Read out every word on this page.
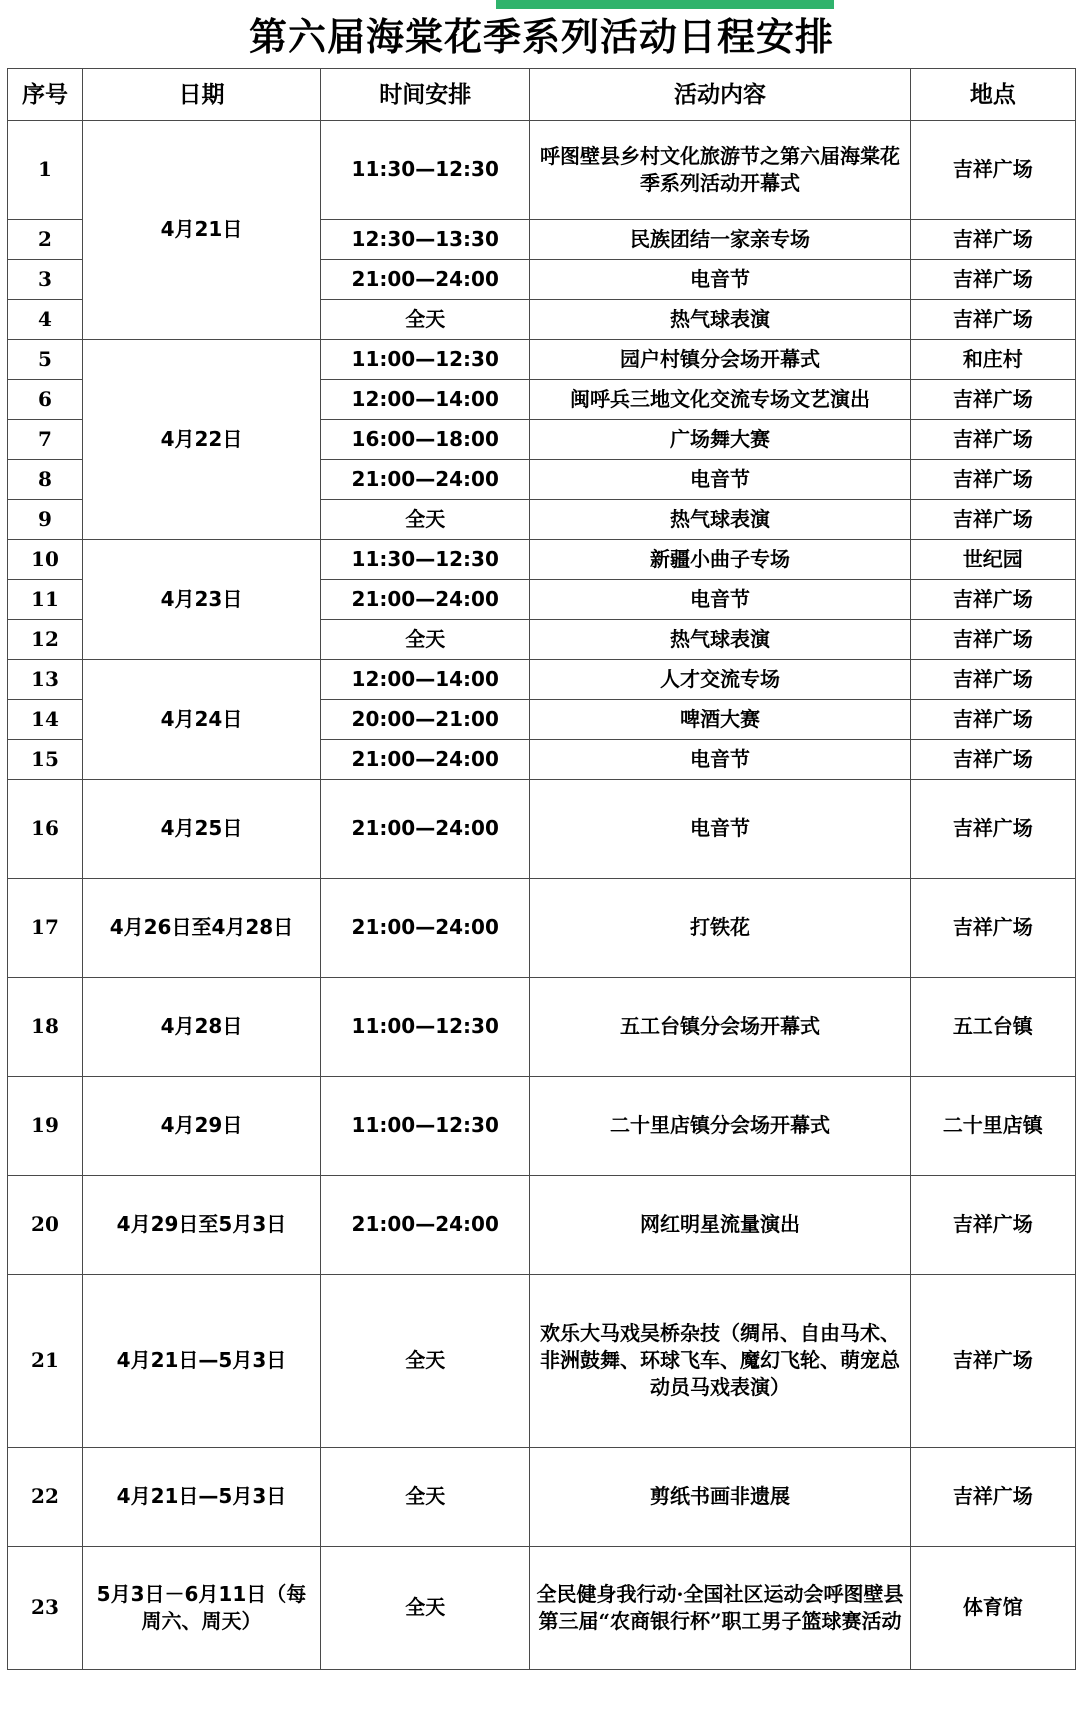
第六届海棠花季系列活动日程安排
序号	日期	时间安排	活动内容	地点
1	4月21日	11:30—12:30	呼图壁县乡村文化旅游节之第六届海棠花季系列活动开幕式	吉祥广场
2		12:30—13:30	民族团结一家亲专场	吉祥广场
3		21:00—24:00	电音节	吉祥广场
4		全天	热气球表演	吉祥广场
5	4月22日	11:00—12:30	园户村镇分会场开幕式	和庄村
6		12:00—14:00	闽呼兵三地文化交流专场文艺演出	吉祥广场
7		16:00—18:00	广场舞大赛	吉祥广场
8		21:00—24:00	电音节	吉祥广场
9		全天	热气球表演	吉祥广场
10	4月23日	11:30—12:30	新疆小曲子专场	世纪园
11		21:00—24:00	电音节	吉祥广场
12		全天	热气球表演	吉祥广场
13	4月24日	12:00—14:00	人才交流专场	吉祥广场
14		20:00—21:00	啤酒大赛	吉祥广场
15		21:00—24:00	电音节	吉祥广场
16	4月25日	21:00—24:00	电音节	吉祥广场
17	4月26日至4月28日	21:00—24:00	打铁花	吉祥广场
18	4月28日	11:00—12:30	五工台镇分会场开幕式	五工台镇
19	4月29日	11:00—12:30	二十里店镇分会场开幕式	二十里店镇
20	4月29日至5月3日	21:00—24:00	网红明星流量演出	吉祥广场
21	4月21日—5月3日	全天	欢乐大马戏吴桥杂技（绸吊、自由马术、非洲鼓舞、环球飞车、魔幻飞轮、萌宠总动员马戏表演）	吉祥广场
22	4月21日—5月3日	全天	剪纸书画非遗展	吉祥广场
23	5月3日－6月11日（每周六、周天）	全天	全民健身我行动·全国社区运动会呼图壁县第三届“农商银行杯”职工男子篮球赛活动	体育馆
